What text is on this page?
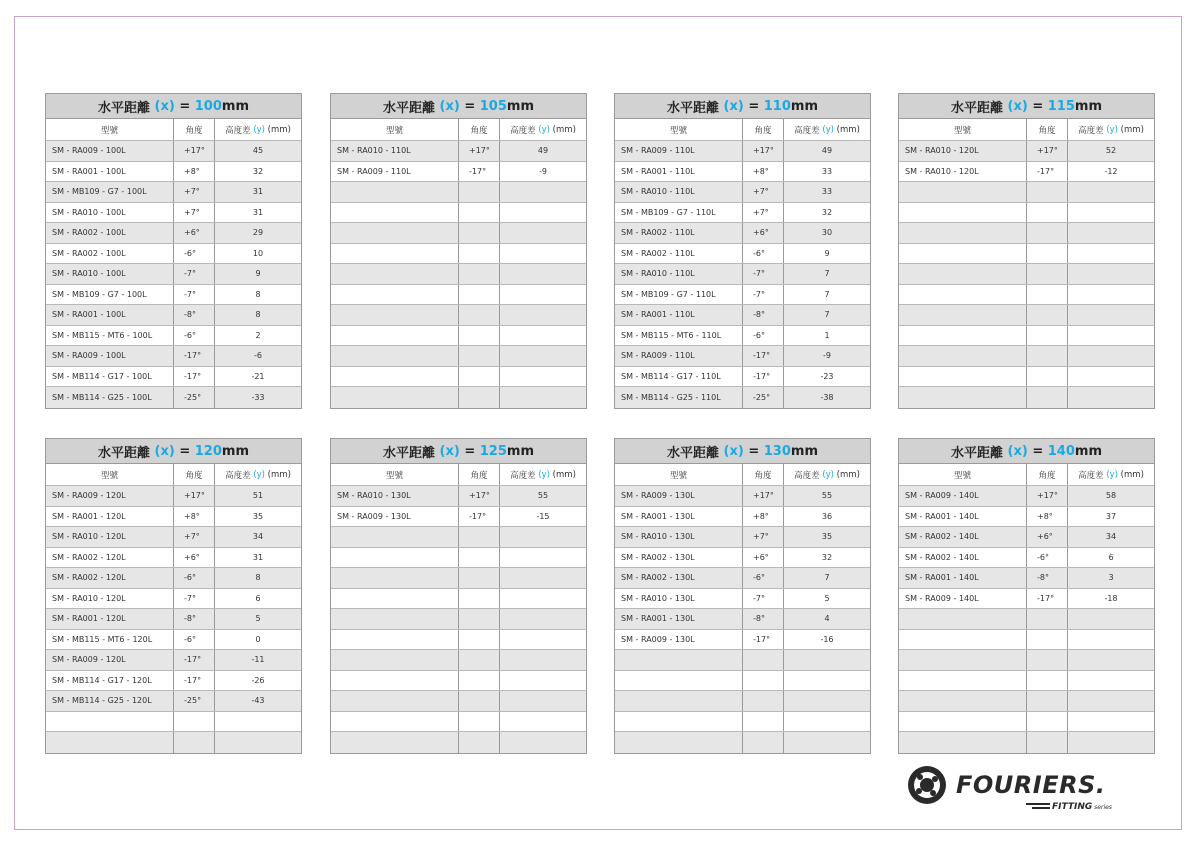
水平距離 (x) = 100 mm
型號	角度	高度差 (y) (mm)
SM - RA009 - 100L	+17°	45
SM - RA001 - 100L	+8°	32
SM - MB109 - G7 - 100L	+7°	31
SM - RA010 - 100L	+7°	31
SM - RA002 - 100L	+6°	29
SM - RA002 - 100L	-6°	10
SM - RA010 - 100L	-7°	9
SM - MB109 - G7 - 100L	-7°	8
SM - RA001 - 100L	-8°	8
SM - MB115 - MT6 - 100L	-6°	2
SM - RA009 - 100L	-17°	-6
SM - MB114 - G17 - 100L	-17°	-21
SM - MB114 - G25 - 100L	-25°	-33
水平距離 (x) = 105 mm
型號	角度	高度差 (y) (mm)
SM - RA010 - 110L	+17°	49
SM - RA009 - 110L	-17°	-9
水平距離 (x) = 110 mm
型號	角度	高度差 (y) (mm)
SM - RA009 - 110L	+17°	49
SM - RA001 - 110L	+8°	33
SM - RA010 - 110L	+7°	33
SM - MB109 - G7 - 110L	+7°	32
SM - RA002 - 110L	+6°	30
SM - RA002 - 110L	-6°	9
SM - RA010 - 110L	-7°	7
SM - MB109 - G7 - 110L	-7°	7
SM - RA001 - 110L	-8°	7
SM - MB115 - MT6 - 110L	-6°	1
SM - RA009 - 110L	-17°	-9
SM - MB114 - G17 - 110L	-17°	-23
SM - MB114 - G25 - 110L	-25°	-38
水平距離 (x) = 115 mm
型號	角度	高度差 (y) (mm)
SM - RA010 - 120L	+17°	52
SM - RA010 - 120L	-17°	-12
水平距離 (x) = 120 mm
型號	角度	高度差 (y) (mm)
SM - RA009 - 120L	+17°	51
SM - RA001 - 120L	+8°	35
SM - RA010 - 120L	+7°	34
SM - RA002 - 120L	+6°	31
SM - RA002 - 120L	-6°	8
SM - RA010 - 120L	-7°	6
SM - RA001 - 120L	-8°	5
SM - MB115 - MT6 - 120L	-6°	0
SM - RA009 - 120L	-17°	-11
SM - MB114 - G17 - 120L	-17°	-26
SM - MB114 - G25 - 120L	-25°	-43
水平距離 (x) = 125 mm
型號	角度	高度差 (y) (mm)
SM - RA010 - 130L	+17°	55
SM - RA009 - 130L	-17°	-15
水平距離 (x) = 130 mm
型號	角度	高度差 (y) (mm)
SM - RA009 - 130L	+17°	55
SM - RA001 - 130L	+8°	36
SM - RA010 - 130L	+7°	35
SM - RA002 - 130L	+6°	32
SM - RA002 - 130L	-6°	7
SM - RA010 - 130L	-7°	5
SM - RA001 - 130L	-8°	4
SM - RA009 - 130L	-17°	-16
水平距離 (x) = 140 mm
型號	角度	高度差 (y) (mm)
SM - RA009 - 140L	+17°	58
SM - RA001 - 140L	+8°	37
SM - RA002 - 140L	+6°	34
SM - RA002 - 140L	-6°	6
SM - RA001 - 140L	-8°	3
SM - RA009 - 140L	-17°	-18
FOURIERS.
FITTING series
